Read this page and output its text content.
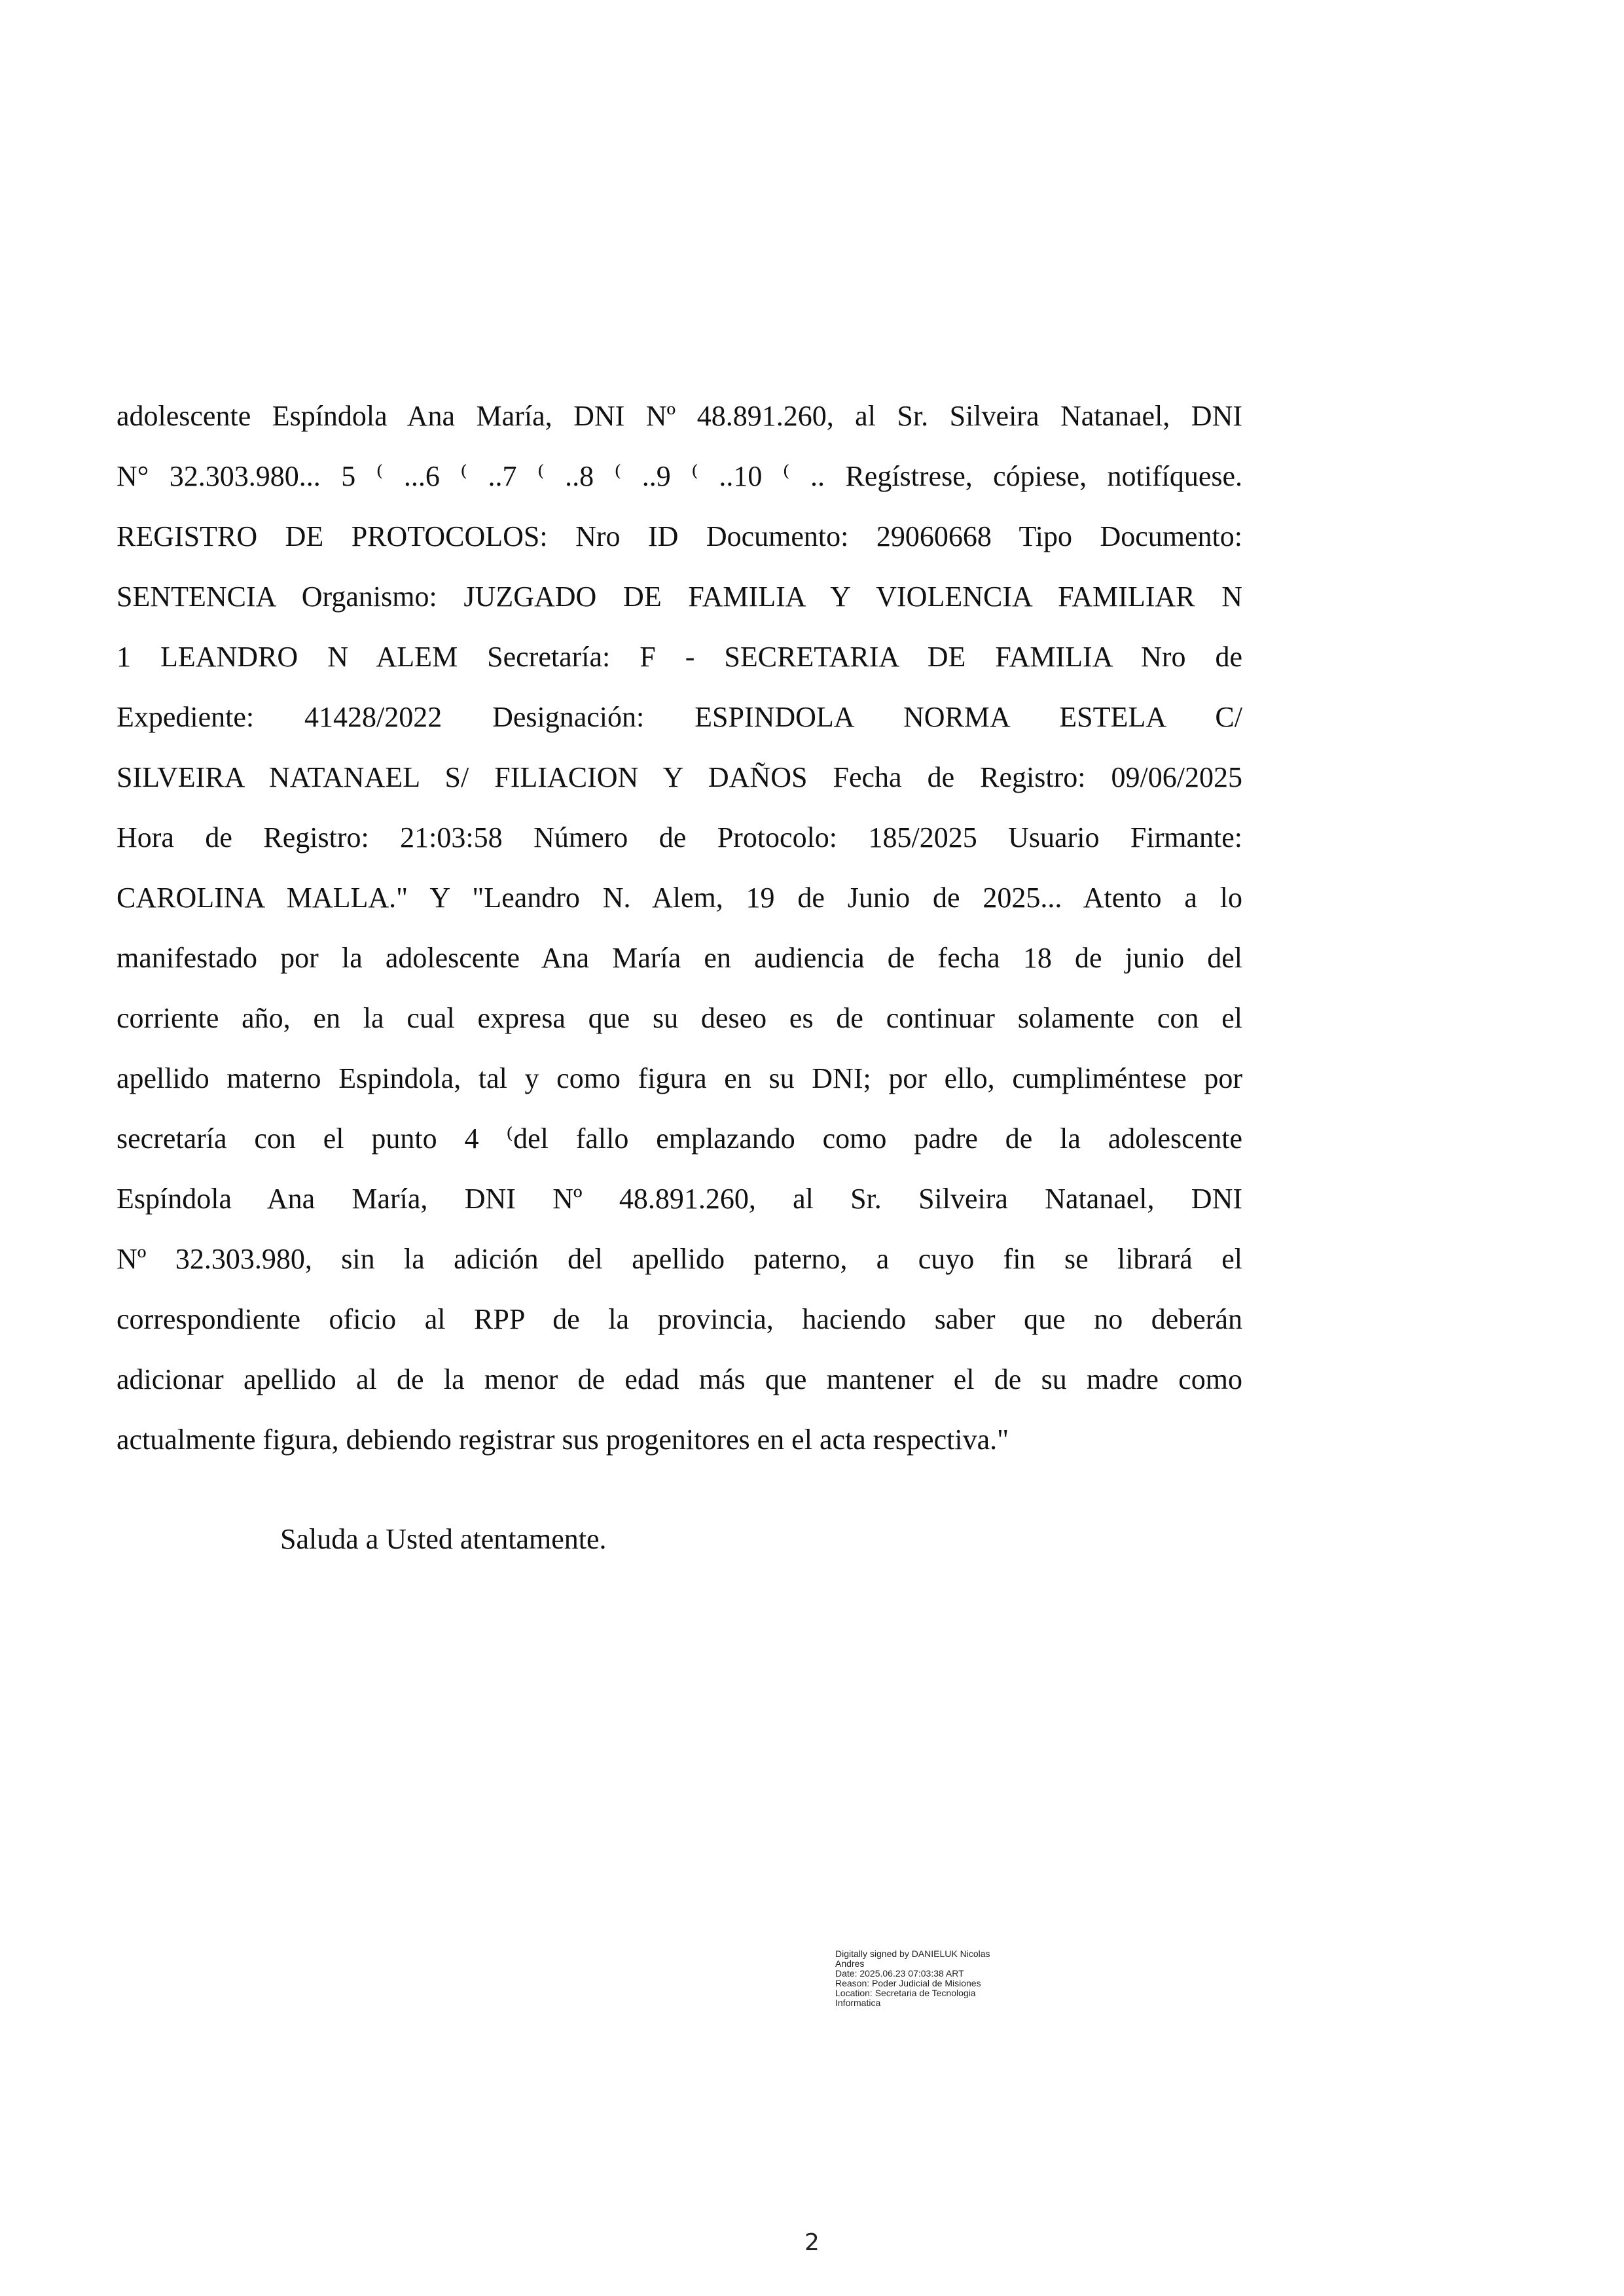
adolescente Espíndola Ana María, DNI Nº 48.891.260, al Sr. Silveira Natanael, DNI
N° 32.303.980... 5 ⁽ ...6 ⁽ ..7 ⁽ ..8 ⁽ ..9 ⁽ ..10 ⁽ .. Regístrese, cópiese, notifíquese.
REGISTRO DE PROTOCOLOS: Nro ID Documento: 29060668 Tipo Documento:
SENTENCIA Organismo: JUZGADO DE FAMILIA Y VIOLENCIA FAMILIAR N
1 LEANDRO N ALEM Secretaría: F - SECRETARIA DE FAMILIA Nro de
Expediente: 41428/2022 Designación: ESPINDOLA NORMA ESTELA C/
SILVEIRA NATANAEL S/ FILIACION Y DAÑOS Fecha de Registro: 09/06/2025
Hora de Registro: 21:03:58 Número de Protocolo: 185/2025 Usuario Firmante:
CAROLINA MALLA." Y "Leandro N. Alem, 19 de Junio de 2025... Atento a lo
manifestado por la adolescente Ana María en audiencia de fecha 18 de junio del
corriente año, en la cual expresa que su deseo es de continuar solamente con el
apellido materno Espindola, tal y como figura en su DNI; por ello, cumpliméntese por
secretaría con el punto 4 ⁽del fallo emplazando como padre de la adolescente
Espíndola Ana María, DNI Nº 48.891.260, al Sr. Silveira Natanael, DNI
Nº 32.303.980, sin la adición del apellido paterno, a cuyo fin se librará el
correspondiente oficio al RPP de la provincia, haciendo saber que no deberán
adicionar apellido al de la menor de edad más que mantener el de su madre como
actualmente figura, debiendo registrar sus progenitores en el acta respectiva."
Saluda a Usted atentamente.
Digitally signed by DANIELUK Nicolas
Andres
Date: 2025.06.23 07:03:38 ART
Reason: Poder Judicial de Misiones
Location: Secretaria de Tecnologia
Informatica
2
